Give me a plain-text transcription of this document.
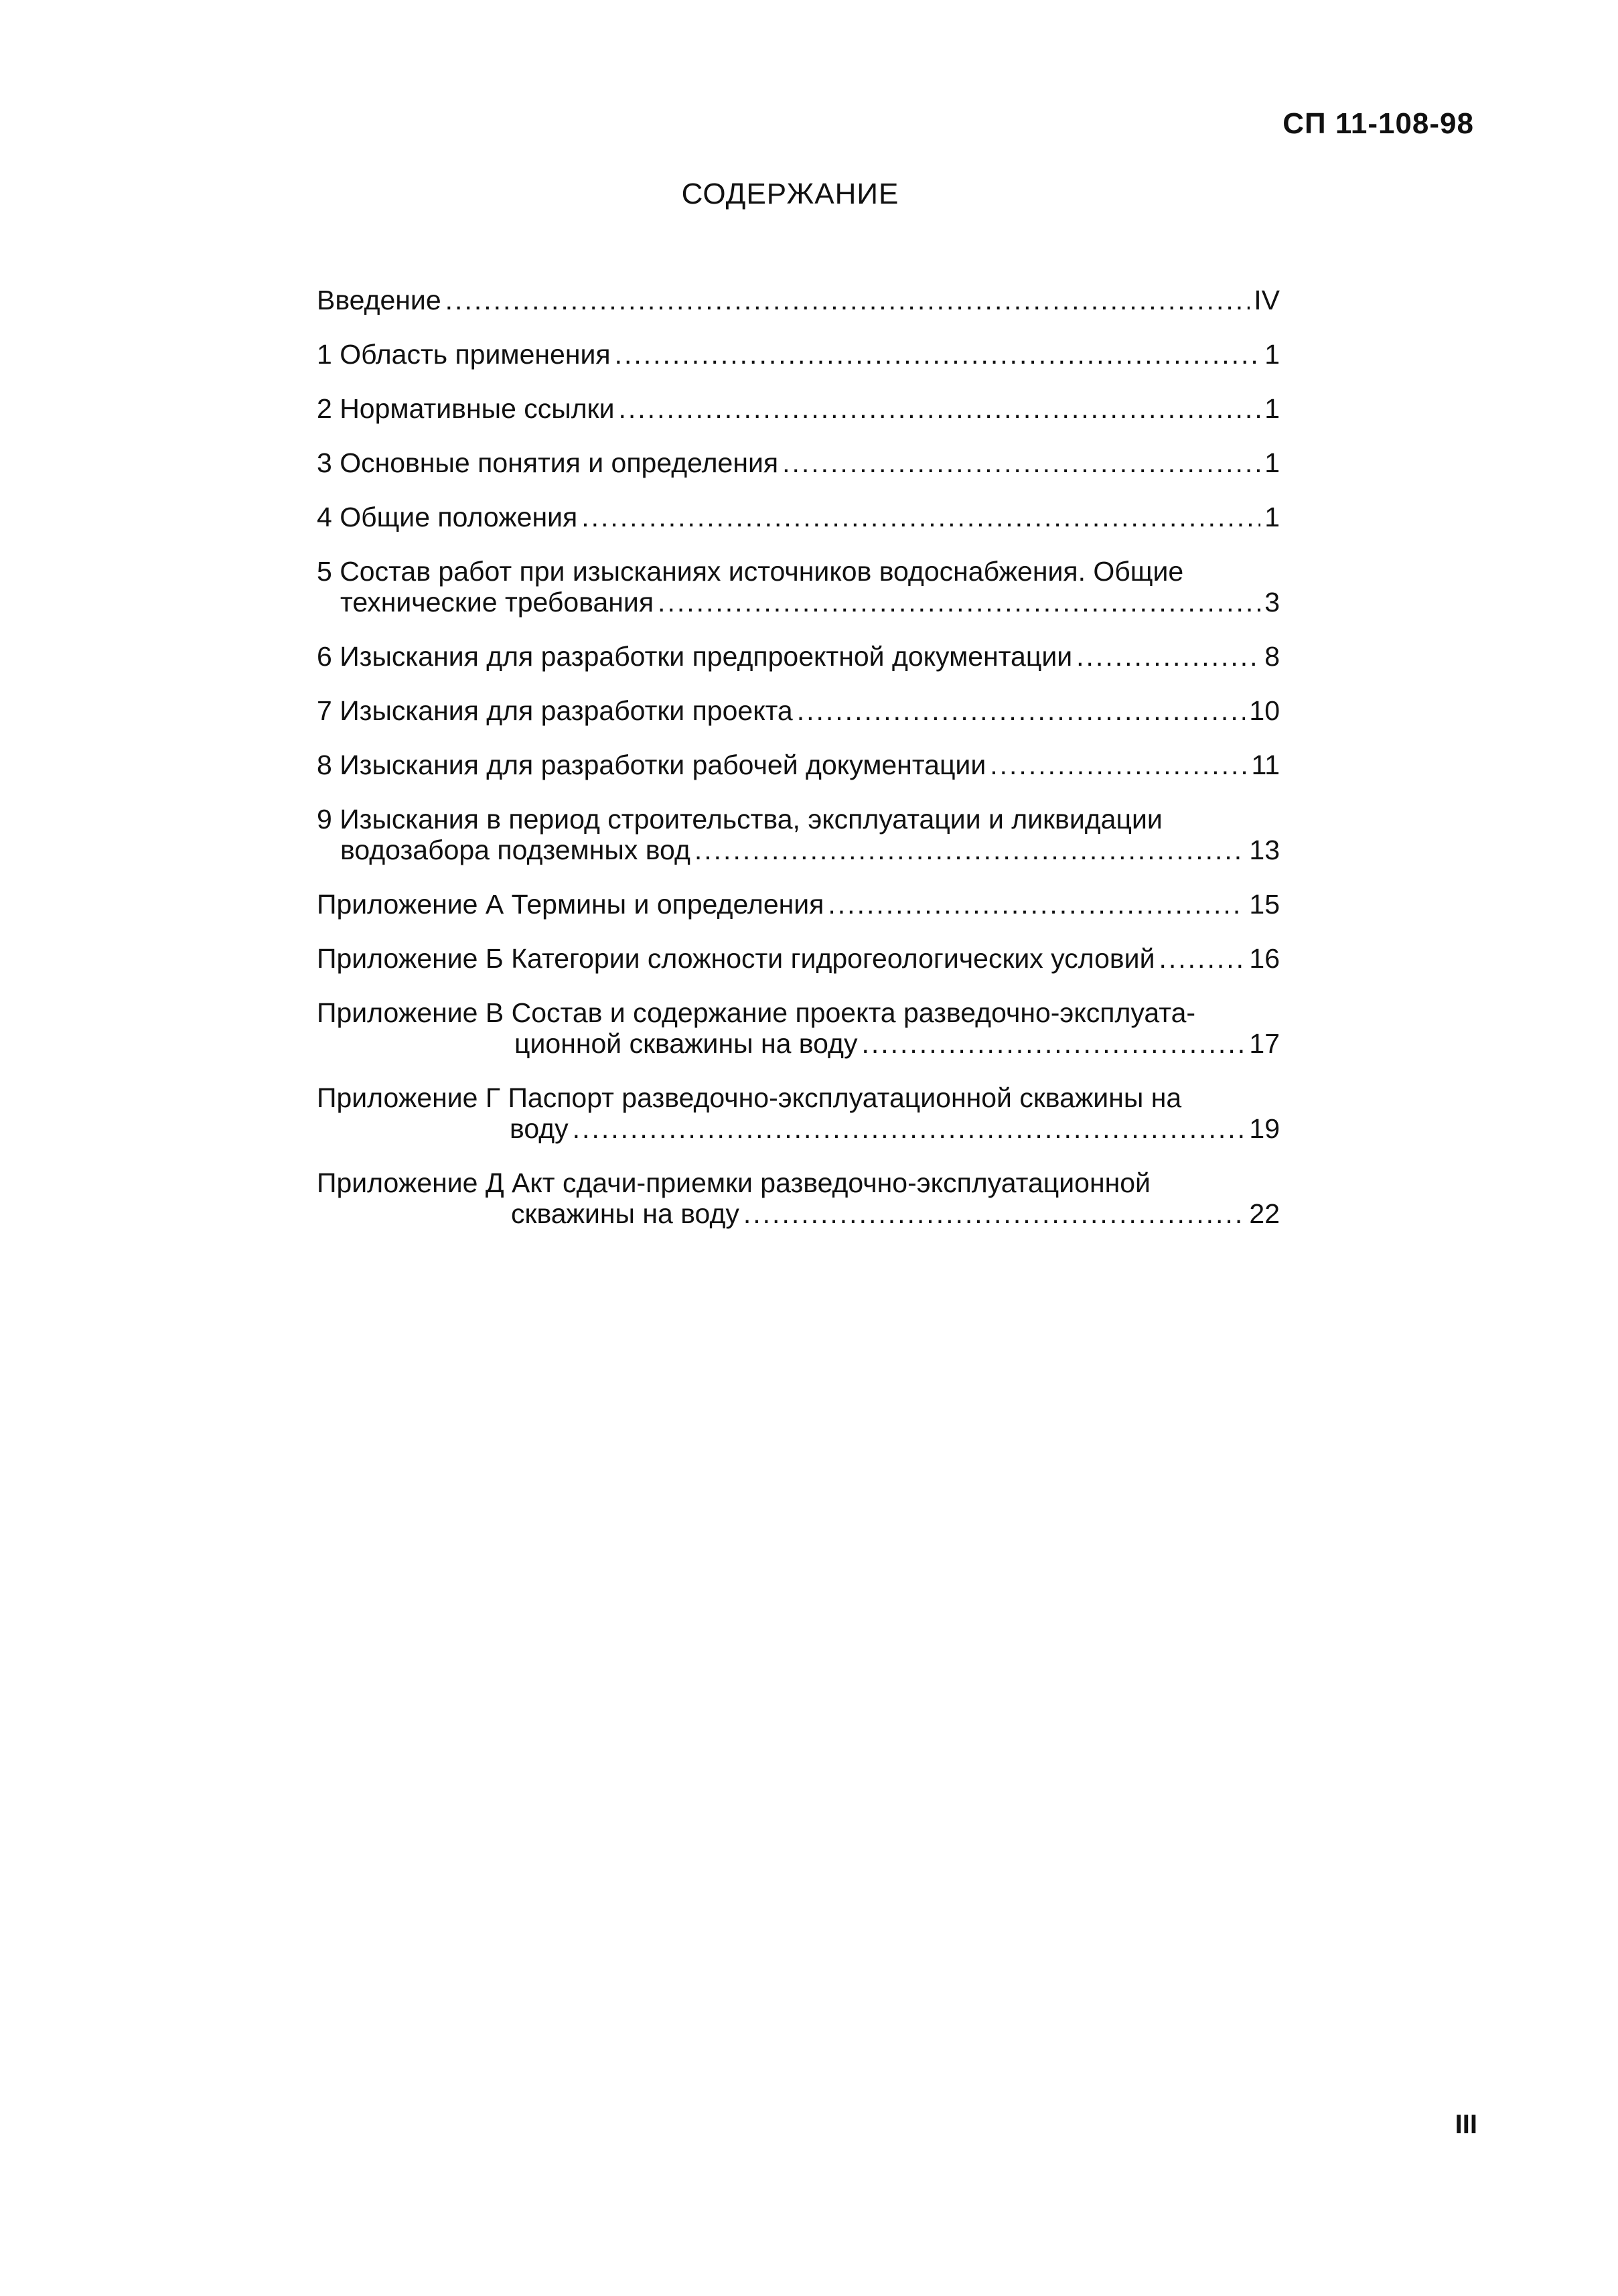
СП 11-108-98
СОДЕРЖАНИЕ
Введение .....	IV
1 Область применения .....	1
2 Нормативные ссылки .....	1
3 Основные понятия и определения .....	1
4 Общие положения .....	1
5 Состав работ при изысканиях источников водоснабжения. Общие
технические требования .....	3
6 Изыскания для разработки предпроектной документации .....	8
7 Изыскания для разработки проекта .....	10
8 Изыскания для разработки рабочей документации .....	11
9 Изыскания в период строительства, эксплуатации и ликвидации
водозабора подземных вод .....	13
Приложение А Термины и определения .....	15
Приложение Б Категории сложности гидрогеологических условий .....	16
Приложение В Состав и содержание проекта разведочно-эксплуата-
ционной скважины на воду .....	17
Приложение Г Паспорт разведочно-эксплуатационной скважины на
воду .....	19
Приложение Д Акт сдачи-приемки разведочно-эксплуатационной
скважины на воду .....	22
III
